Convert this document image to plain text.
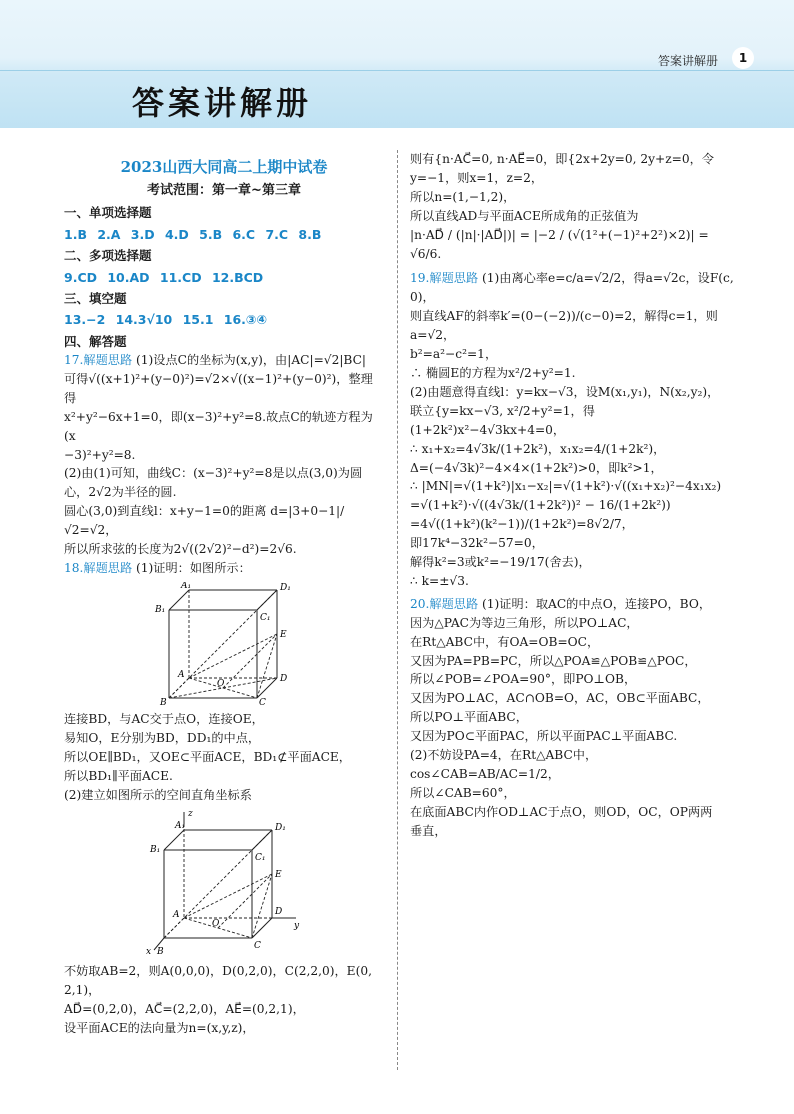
答案讲解册	1
答案讲解册
2023山西大同高二上期中试卷
考试范围：第一章~第三章
一、单项选择题
1.B 2.A 3.D 4.D 5.B 6.C 7.C 8.B
二、多项选择题
9.CD 10.AD 11.CD 12.BCD
三、填空题
13.−2 14.3√10 15.1 16.③④
四、解答题

17.解题思路 (1)设点C的坐标为(x,y)，由|AC|=√2|BC|

可得√((x+1)²+(y−0)²)=√2×√((x−1)²+(y−0)²)，整理得

x²+y²−6x+1=0，即(x−3)²+y²=8.故点C的轨迹方程为(x

−3)²+y²=8.

(2)由(1)可知，曲线C：(x−3)²+y²=8是以点(3,0)为圆

心，2√2为半径的圆.

圆心(3,0)到直线l：x+y−1=0的距离 d=|3+0−1|/√2=√2，

所以所求弦的长度为2√((2√2)²−d²)=2√6.

18.解题思路 (1)证明：如图所示：

A₁	D₁
B₁
C₁
E
A
O	D
B	C

连接BD，与AC交于点O，连接OE，

易知O，E分别为BD，DD₁的中点，

所以OE∥BD₁，又OE⊂平面ACE，BD₁⊄平面ACE，

所以BD₁∥平面ACE.

(2)建立如图所示的空间直角坐标系

z
A₁	D₁
B₁
C₁
E
A
O
D
y
x B
C

不妨取AB=2，则A(0,0,0)，D(0,2,0)，C(2,2,0)，E(0,

2,1)，

AD⃗=(0,2,0)，AC⃗=(2,2,0)，AE⃗=(0,2,1)，

设平面ACE的法向量为n=(x,y,z)，

则有{n·AC⃗=0, n·AE⃗=0，即{2x+2y=0, 2y+z=0，令y=−1，则x=1，z=2，

所以n=(1,−1,2)，

所以直线AD与平面ACE所成角的正弦值为

|n·AD⃗ / (|n|·|AD⃗|)| = |−2 / (√(1²+(−1)²+2²)×2)| = √6/6.

19.解题思路 (1)由离心率e=c/a=√2/2，得a=√2c，设F(c,

0)，

则直线AF的斜率k′=(0−(−2))/(c−0)=2，解得c=1，则a=√2，

b²=a²−c²=1，

∴ 椭圆E的方程为x²/2+y²=1.

(2)由题意得直线l：y=kx−√3，设M(x₁,y₁)，N(x₂,y₂)，

联立{y=kx−√3, x²/2+y²=1，得(1+2k²)x²−4√3kx+4=0，

∴ x₁+x₂=4√3k/(1+2k²)，x₁x₂=4/(1+2k²)，

Δ=(−4√3k)²−4×4×(1+2k²)>0，即k²>1，

∴ |MN|=√(1+k²)|x₁−x₂|=√(1+k²)·√((x₁+x₂)²−4x₁x₂)

=√(1+k²)·√((4√3k/(1+2k²))² − 16/(1+2k²))

=4√((1+k²)(k²−1))/(1+2k²)=8√2/7，

即17k⁴−32k²−57=0，

解得k²=3或k²=−19/17(舍去)，

∴ k=±√3.

20.解题思路 (1)证明：取AC的中点O，连接PO，BO，

因为△PAC为等边三角形，所以PO⊥AC，

在Rt△ABC中，有OA=OB=OC，

又因为PA=PB=PC，所以△POA≌△POB≌△POC，

所以∠POB=∠POA=90°，即PO⊥OB，

又因为PO⊥AC，AC∩OB=O，AC，OB⊂平面ABC，

所以PO⊥平面ABC，

又因为PO⊂平面PAC，所以平面PAC⊥平面ABC.

(2)不妨设PA=4，在Rt△ABC中，cos∠CAB=AB/AC=1/2，

所以∠CAB=60°，

在底面ABC内作OD⊥AC于点O，则OD，OC，OP两两

垂直，
